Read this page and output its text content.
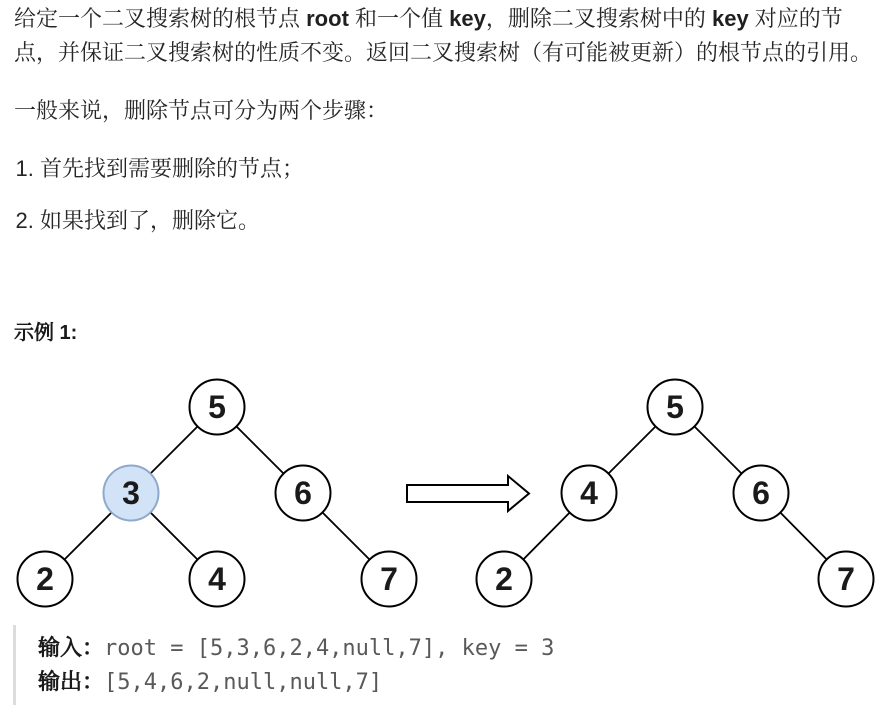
给定一个二叉搜索树的根节点 root 和一个值 key，删除二叉搜索树中的 key 对应的节点，并保证二叉搜索树的性质不变。返回二叉搜索树（有可能被更新）的根节点的引用。

一般来说，删除节点可分为两个步骤：

1. 首先找到需要删除的节点；
2. 如果找到了，删除它。
示例 1:
5
3	6
2	4	7
5
4	6
2	7
输入：root = [5,3,6,2,4,null,7], key = 3
输出：[5,4,6,2,null,null,7]
